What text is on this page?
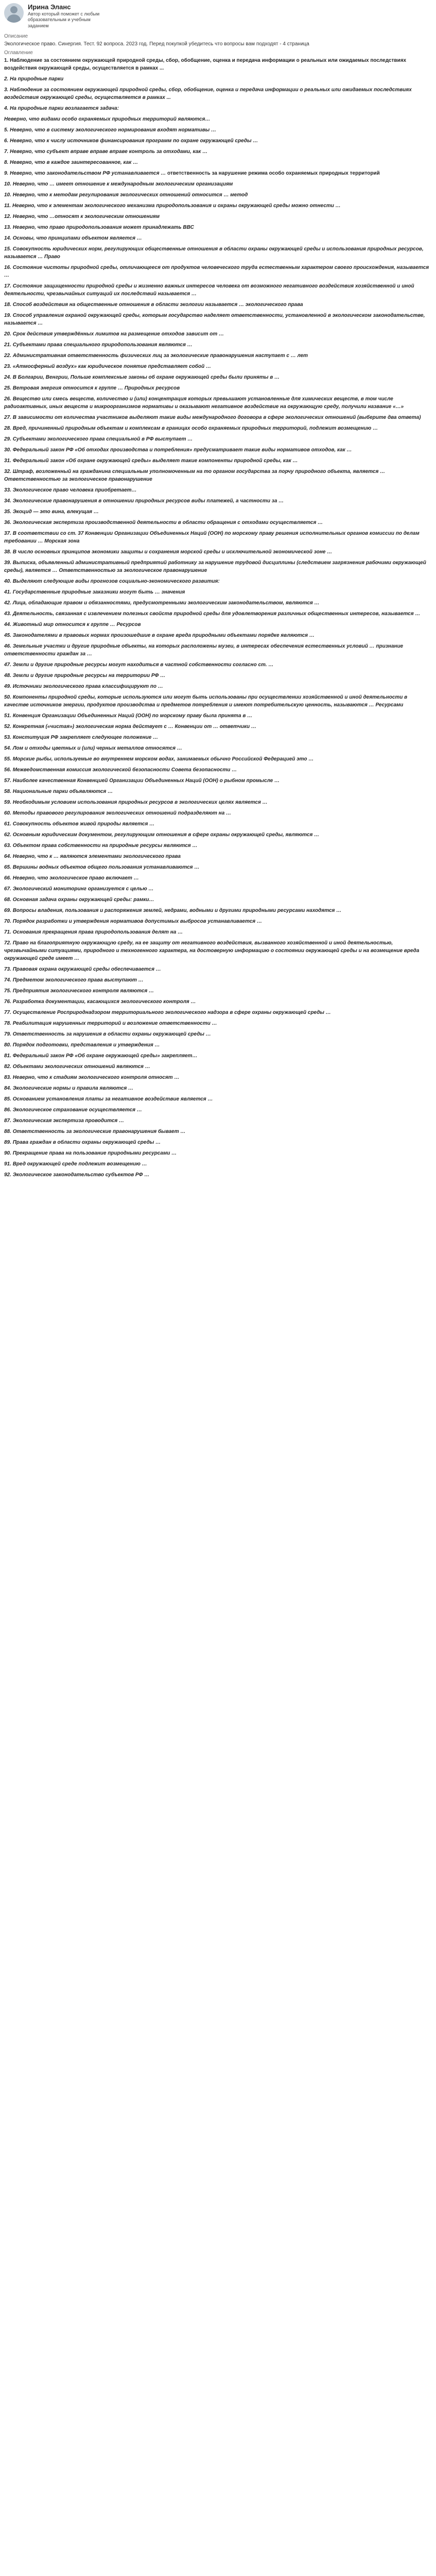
Ирина Эланс
Автор который поможет с любым образовательным и учебным заданием
Описание
Экологическое право. Синергия. Тест. 92 вопроса. 2023 год. Перед покупкой убедитесь что вопросы вам подходят - 4 страница
Оглавление
1. Наблюдение за состоянием окружающей природной среды, сбор, обобщение, оценка и передача информации о реальных или ожидаемых последствиях воздействия окружающей среды, осуществляется в рамках ...
2. На природные парки
3. Наблюдение за состоянием окружающей природной среды, сбор, обобщение, оценка и передача информации о реальных или ожидаемых последствиях воздействия окружающей среды, осуществляется в рамках ...
4. На природные парки возлагается задача:
Неверно, что видами особо охраняемых природных территорий являются…
5. Неверно, что в систему экологического нормирования входят нормативы …
6. Неверно, что к числу источников финансирования программ по охране окружающей среды …
7. Неверно, что субъект вправе вправе вправе контроль за отходами, как …
8. Неверно, что в каждое заинтересованное, как …
9. Неверно, что законодательством РФ устанавливается … ответственность за нарушение режима особо охраняемых природных территорий
10. Неверно, что … имеет отношение к международным экологическим организациям
10. Неверно, что к методам регулирования экологических отношений относится … метод
11. Неверно, что к элементам экологического механизма природопользования и охраны окружающей среды можно отнести …
12. Неверно, что …относят к экологическим отношениям
13. Неверно, что право природопользования может принадлежать ВВС
14. Основы, что принципами объектом является …
15. Совокупность юридических норм, регулирующих общественные отношения в области охраны окружающей среды и использования природных ресурсов, называется … Право
16. Состояние чистоты природной среды, отличающееся от продуктов человеческого труда естественным характером своего происхождения, называется …
17. Состояние защищенности природной среды и жизненно важных интересов человека от возможного негативного воздействия хозяйственной и иной деятельности, чрезвычайных ситуаций их последствий называется …
18. Способ воздействия на общественные отношения в области экологии называется … экологического права
19. Способ управления охраной окружающей среды, которым государство наделяет ответственности, установленной в экологическом законодательстве, называется …
20. Срок действия утверждённых лимитов на размещение отходов зависит от …
21. Субъектами права специального природопользования являются …
22. Административная ответственность физических лиц за экологические правонарушения наступает с … лет
23. «Атмосферный воздух» как юридическое понятие представляет собой …
24. В Болгарии, Венгрии, Польше комплексные законы об охране окружающей среды были приняты в …
25. Ветровая энергия относится к группе … Природных ресурсов
26. Вещество или смесь веществ, количество и (или) концентрация которых превышают установленные для химических веществ, в том числе радиоактивных, иных веществ и микроорганизмов нормативы и оказывают негативное воздействие на окружающую среду, получили название «…»
27. В зависимости от количества участников выделяют такие виды международного договора в сфере экологических отношений (выберите два ответа)
28. Вред, причиненный природным объектам и комплексам в границах особо охраняемых природных территорий, подлежит возмещению …
29. Субъектами экологического права специальной в РФ выступает …
30. Федеральный закон РФ «Об отходах производства и потребления» предусматривает такие виды нормативов отходов, как …
31. Федеральный закон «Об охране окружающей среды» выделяет такие компоненты природной среды, как …
32. Штраф, возложенный на гражданина специальным уполномоченным на то органом государства за порчу природного объекта, является … Ответственностью за экологическое правонарушение
33. Экологическое право человека приобретает…
34. Экологические правонарушения в отношении природных ресурсов виды платежей, а частности за …
35. Экоцид — это вина, влекущая …
36. Экологическая экспертиза производственной деятельности в области обращения с отходами осуществляется …
37. В соответствии со ст. 37 Конвенции Организации Объединенных Наций (ООН) по морскому праву решения исполнительных органов комиссии по делам требовании … Морская зона
38. В число основных принципов экономики защиты и сохранения морской среды и исключительной экономической зоне …
39. Выписка, объявленный административный предприятий работнику за нарушение трудовой дисциплины (следствием загрязнения рабочими окружающей среды), является … Ответственностью за экологическое правонарушение
40. Выделяют следующие виды прогнозов социально-экономического развития:
41. Государственные природные заказники могут быть … значения
42. Лица, обладающие правом и обязанностями, предусмотренными экологическим законодательством, являются …
43. Деятельность, связанная с извлечением полезных свойств природной среды для удовлетворения различных общественных интересов, называется …
44. Животный мир относится к группе … Ресурсов
45. Законодателями в правовых нормах произошедшие в охране вреда природными объектами порядке являются …
46. Земельные участки и другие природные объекты, на которых расположены музеи, в интересах обеспечения естественных условий … признание ответственности граждан за …
47. Земли и другие природные ресурсы могут находиться в частной собственности согласно ст. …
48. Земли и другие природные ресурсы на территории РФ …
49. Источники экологического права классифицируют по …
50. Компоненты природной среды, которые используются или могут быть использованы при осуществлении хозяйственной и иной деятельности в качестве источников энергии, продуктов производства и предметов потребления и имеют потребительскую ценность, называются … Ресурсами
51. Конвенция Организации Объединенных Наций (ООН) по морскому праву была принята в …
52. Конкретная («чистая») экологическая норма действует с … Конвенции от … ответчики …
53. Конституция РФ закрепляет следующее положение …
54. Лом и отходы цветных и (или) черных металлов относятся …
55. Морские рыбы, используемые во внутреннем морском водах, занимаемых обычно Российской Федерацией это …
56. Межведомственная комиссия экологической безопасности Совета безопасности …
57. Наиболее качественная Конвенцией Организации Объединенных Наций (ООН) о рыбном промысле …
58. Национальные парки объявляются …
59. Необходимым условием использования природных ресурсов в экологических целях является …
60. Методы правового регулирования экологических отношений подразделяют на …
61. Совокупность объектов живой природы является …
62. Основным юридическим документом, регулирующим отношения в сфере охраны окружающей среды, являются …
63. Объектом права собственности на природные ресурсы являются …
64. Неверно, что к … являются элементами экологического права
65. Вершины водных объектов общего пользования устанавливаются …
66. Неверно, что экологическое право включает …
67. Экологический мониторинг организуется с целью …
68. Основная задача охраны окружающей среды: рамки…
69. Вопросы владения, пользования и распоряжения землей, недрами, водными и другими природными ресурсами находятся …
70. Порядок разработки и утверждения нормативов допустимых выбросов устанавливается …
71. Основания прекращения права природопользования делят на …
72. Право на благоприятную окружающую среду, на ее защиту от негативного воздействия, вызванного хозяйственной и иной деятельностью, чрезвычайными ситуациями, природного и техногенного характера, на достоверную информацию о состоянии окружающей среды и на возмещение вреда окружающей среде имеет …
73. Правовая охрана окружающей среды обеспечивается …
74. Предметом экологического права выступают …
75. Предприятия экологического контроля являются …
76. Разработка документации, касающихся экологического контроля …
77. Осуществление Росприроднадзором территориального экологического надзора в сфере охраны окружающей среды …
78. Реабилитация нарушенных территорий и возложение ответственности …
79. Ответственность за нарушения в области охраны окружающей среды …
80. Порядок подготовки, представления и утверждения …
81. Федеральный закон РФ «Об охране окружающей среды» закрепляет…
82. Объектами экологических отношений являются …
83. Неверно, что к стадиям экологического контроля относят …
84. Экологические нормы и правила являются …
85. Основанием установления платы за негативное воздействие является …
86. Экологическое страхование осуществляется …
87. Экологическая экспертиза проводится …
88. Ответственность за экологические правонарушения бывает …
89. Права граждан в области охраны окружающей среды …
90. Прекращение права на пользование природными ресурсами …
91. Вред окружающей среде подлежит возмещению …
92. Экологическое законодательство субъектов РФ …
